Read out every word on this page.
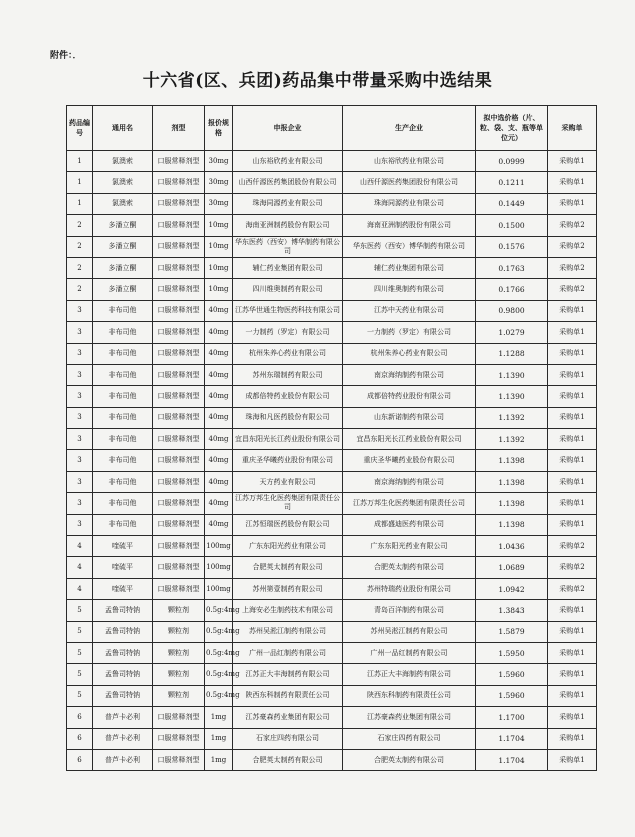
附件：．
十六省(区、兵团)药品集中带量采购中选结果
药品编号	通用名	剂型	报价规格	申报企业	生产企业	拟中选价格（片、粒、袋、支、瓶等单位元）	采购单
1	氯澳索	口服常释剂型	30mg	山东裕欣药业有限公司	山东裕欣药业有限公司	0.0999	采购单1
1	氯澳索	口服常释剂型	30mg	山西仟源医药集团股份有限公司	山西仟源医药集团股份有限公司	0.1211	采购单1
1	氯澳索	口服常释剂型	30mg	珠海同源药业有限公司	珠海同源药业有限公司	0.1449	采购单1
2	多潘立酮	口服常释剂型	10mg	海南亚洲制药股份有限公司	海南亚洲制药股份有限公司	0.1500	采购单2
2	多潘立酮	口服常释剂型	10mg	华东医药（西安）博华制药有限公司	华东医药（西安）博华制药有限公司	0.1576	采购单2
2	多潘立酮	口服常释剂型	10mg	辅仁药业集团有限公司	辅仁药业集团有限公司	0.1763	采购单2
2	多潘立酮	口服常释剂型	10mg	四川维奥制药有限公司	四川维奥制药有限公司	0.1766	采购单2
3	非布司他	口服常释剂型	40mg	江苏华世通生物医药科技有限公司	江苏中天药业有限公司	0.9800	采购单1
3	非布司他	口服常释剂型	40mg	一力制药（罗定）有限公司	一力制药（罗定）有限公司	1.0279	采购单1
3	非布司他	口服常释剂型	40mg	杭州朱养心药业有限公司	杭州朱养心药业有限公司	1.1288	采购单1
3	非布司他	口服常释剂型	40mg	苏州东瑞制药有限公司	南京海纳制药有限公司	1.1390	采购单1
3	非布司他	口服常释剂型	40mg	成都倍特药业股份有限公司	成都倍特药业股份有限公司	1.1390	采购单1
3	非布司他	口服常释剂型	40mg	珠海和凡医药股份有限公司	山东新诺制药有限公司	1.1392	采购单1
3	非布司他	口服常释剂型	40mg	宜昌东阳光长江药业股份有限公司	宜昌东阳光长江药业股份有限公司	1.1392	采购单1
3	非布司他	口服常释剂型	40mg	重庆圣华曦药业股份有限公司	重庆圣华曦药业股份有限公司	1.1398	采购单1
3	非布司他	口服常释剂型	40mg	天方药业有限公司	南京海纳制药有限公司	1.1398	采购单1
3	非布司他	口服常释剂型	40mg	江苏万邦生化医药集团有限责任公司	江苏万邦生化医药集团有限责任公司	1.1398	采购单1
3	非布司他	口服常释剂型	40mg	江苏恒瑞医药股份有限公司	成都盛迪医药有限公司	1.1398	采购单1
4	喹硫平	口服常释剂型	100mg	广东东阳光药业有限公司	广东东阳光药业有限公司	1.0436	采购单2
4	喹硫平	口服常释剂型	100mg	合肥英太制药有限公司	合肥英太制药有限公司	1.0689	采购单2
4	喹硫平	口服常释剂型	100mg	苏州第壹制药有限公司	苏州特瑞药业股份有限公司	1.0942	采购单2
5	孟鲁司特钠	颗粒剂	0.5g:4mg	上海安必生制药技术有限公司	青岛百洋制药有限公司	1.3843	采购单1
5	孟鲁司特钠	颗粒剂	0.5g:4mg	苏州吴淞江制药有限公司	苏州吴淞江制药有限公司	1.5879	采购单1
5	孟鲁司特钠	颗粒剂	0.5g:4mg	广州一品红制药有限公司	广州一品红制药有限公司	1.5950	采购单1
5	孟鲁司特钠	颗粒剂	0.5g:4mg	江苏正大丰海制药有限公司	江苏正大丰海制药有限公司	1.5960	采购单1
5	孟鲁司特钠	颗粒剂	0.5g:4mg	陕西东科制药有限责任公司	陕西东科制药有限责任公司	1.5960	采购单1
6	普芦卡必利	口服常释剂型	1mg	江苏豪森药业集团有限公司	江苏豪森药业集团有限公司	1.1700	采购单1
6	普芦卡必利	口服常释剂型	1mg	石家庄四药有限公司	石家庄四药有限公司	1.1704	采购单1
6	普芦卡必利	口服常释剂型	1mg	合肥英太制药有限公司	合肥英太制药有限公司	1.1704	采购单1
